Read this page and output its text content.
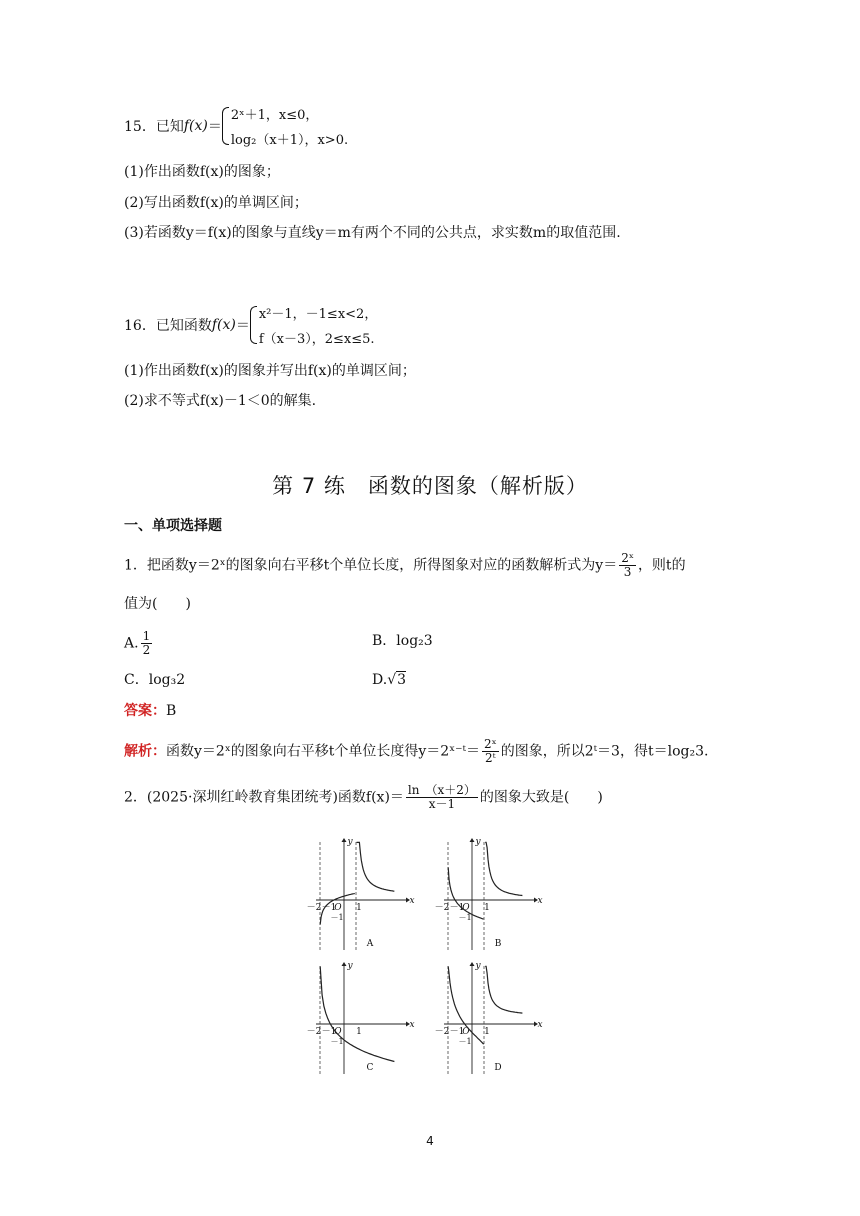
15．已知 f(x) ＝
2ˣ＋1，x≤0，
log₂（x＋1），x>0.
(1)作出函数f(x)的图象；
(2)写出函数f(x)的单调区间；
(3)若函数y＝f(x)的图象与直线y＝m有两个不同的公共点，求实数m的取值范围.
16．已知函数 f(x) ＝
x²－1，－1≤x<2，
f（x－3），2≤x≤5.
(1)作出函数f(x)的图象并写出f(x)的单调区间；
(2)求不等式f(x)－1＜0的解集.
第 7 练　函数的图象（解析版）
一、单项选择题
1．把函数y＝2ˣ的图象向右平移t个单位长度，所得图象对应的函数解析式为$y= \frac{\text{2ˣ}}{3}$ ，则t的
值为(　　)
A. $\frac{1}{2}$	B．log₂3
C．log₃2	D.√3
答案：B
解析：函数y＝2ˣ的图象向右平移t个单位长度得y＝2ˣ⁻ᵗ＝ $\frac{\text{2ˣ}}{\text{2ᵗ}}$ 的图象，所以2ᵗ＝3，得t＝log₂3.
2．(2025·深圳红岭教育集团统考)函数$f(x)= \frac{\ln (x+2)}{x-1}$ 的图象大致是(　　)
－2 －1
O 1
x
y
－1
A
－2 －1
O 1
x
y
－1
B
－2 －1
O 1
x
y
－1
C
－2 －1
O 1
x
y
－1
D
4
